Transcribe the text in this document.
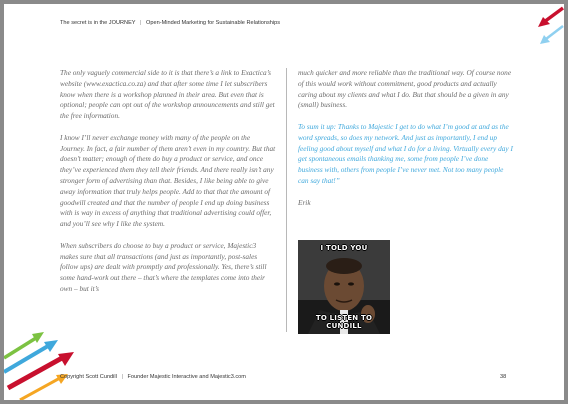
The secret is in the JOURNEY | Open-Minded Marketing for Sustainable Relationships

The only vaguely commercial side to it is that there’s a link to Exactica’s website (www.exactica.co.za) and that after some time I let subscribers know when there is a workshop planned in their area. But even that is optional; people can opt out of the workshop announcements and still get the free information.

I know I’ll never exchange money with many of the people on the Journey. In fact, a fair number of them aren’t even in my country. But that doesn’t matter; enough of them do buy a product or service, and once they’ve experienced them they tell their friends. And there really isn’t any stronger form of advertising than that. Besides, I like being able to give away information that truly helps people. Add to that that the amount of goodwill created and that the number of people I end up doing business with is way in excess of anything that traditional advertising could offer, and you’ll see why I like the system.

When subscribers do choose to buy a product or service, Majestic3 makes sure that all transactions (and just as importantly, post-sales follow ups) are dealt with promptly and professionally. Yes, there’s still some hand-work out there – that’s where the templates come into their own – but it’s

much quicker and more reliable than the traditional way. Of course none of this would work without commitment, good products and actually caring about my clients and what I do. But that should be a given in any (small) business.

To sum it up: Thanks to Majestic I get to do what I’m good at and as the word spreads, so does my network. And just as importantly, I end up feeling good about myself and what I do for a living. Virtually every day I get spontaneous emails thanking me, some from people I’ve done business with, others from people I’ve never met. Not too many people can say that!”

Erik

I TOLD YOU
TO LISTEN TO CUNDILL
Copyright Scott Cundill | Founder Majestic Interactive and Majestic3.com	38
